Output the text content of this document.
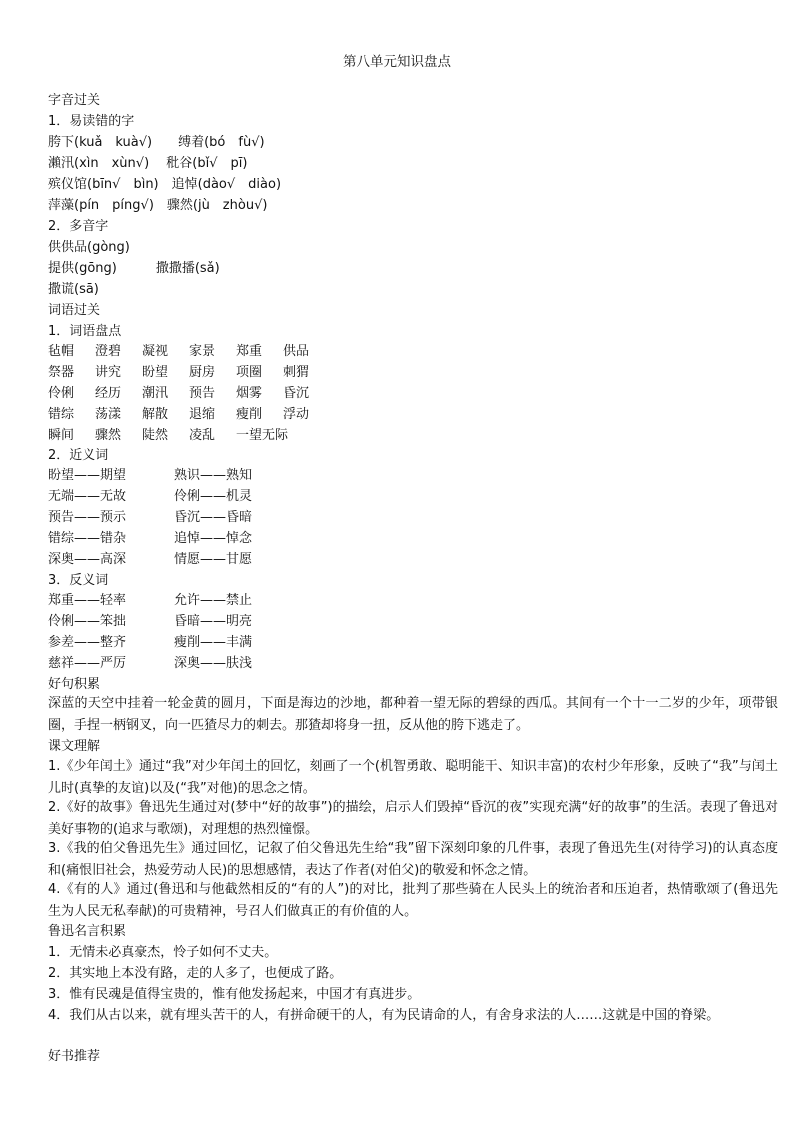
第八单元知识盘点
字音过关
1．易读错的字
胯下(kuǎ　kuà√)　　缚着(bó　fù√)
瀨汛(xìn　xùn√)　 秕谷(bǐ√　pī)
殡仪馆(bīn√　bìn)　追悼(dào√　diào)
萍藻(pín　píng√)　骤然(jù　zhòu√)
2．多音字
供供品(gòng)
提供(gōng)　　　撒撒播(sǎ)
撒谎(sā)
词语过关
1．词语盘点
毡帽 澄碧 凝视 家景 郑重 供品
祭器 讲究 盼望 厨房 项圈 刺猬
伶俐 经历 潮汛 预告 烟雾 昏沉
错综 荡漾 解散 退缩 瘦削 浮动
瞬间 骤然 陡然 凌乱 一望无际
2．近义词
盼望——期望	熟识——熟知
无端——无故	伶俐——机灵
预告——预示	昏沉——昏暗
错综——错杂	追悼——悼念
深奥——高深	情愿——甘愿
3．反义词
郑重——轻率	允许——禁止
伶俐——笨拙	昏暗——明亮
参差——整齐	瘦削——丰满
慈祥——严厉	深奥——肤浅
好句积累
深蓝的天空中挂着一轮金黄的圆月，下面是海边的沙地，都种着一望无际的碧绿的西瓜。其间有一个十一二岁的少年，项带银圈，手捏一柄钢叉，向一匹猹尽力的刺去。那猹却将身一扭，反从他的胯下逃走了。
课文理解
1.《少年闰土》通过“我”对少年闰土的回忆，刻画了一个(机智勇敢、聪明能干、知识丰富)的农村少年形象，反映了“我”与闰土儿时(真挚的友谊)以及(“我”对他)的思念之情。
2.《好的故事》鲁迅先生通过对(梦中“好的故事”)的描绘，启示人们毁掉“昏沉的夜”实现充满“好的故事”的生活。表现了鲁迅对美好事物的(追求与歌颂)，对理想的热烈憧憬。
3.《我的伯父鲁迅先生》通过回忆，记叙了伯父鲁迅先生给“我”留下深刻印象的几件事，表现了鲁迅先生(对待学习)的认真态度和(痛恨旧社会，热爱劳动人民)的思想感情，表达了作者(对伯父)的敬爱和怀念之情。
4.《有的人》通过(鲁迅和与他截然相反的“有的人”)的对比，批判了那些骑在人民头上的统治者和压迫者，热情歌颂了(鲁迅先生为人民无私奉献)的可贵精神，号召人们做真正的有价值的人。
鲁迅名言积累
1．无情未必真豪杰，怜子如何不丈夫。
2．其实地上本没有路，走的人多了，也便成了路。
3．惟有民魂是值得宝贵的，惟有他发扬起来，中国才有真进步。
4．我们从古以来，就有埋头苦干的人，有拼命硬干的人，有为民请命的人，有舍身求法的人……这就是中国的脊梁。
好书推荐
